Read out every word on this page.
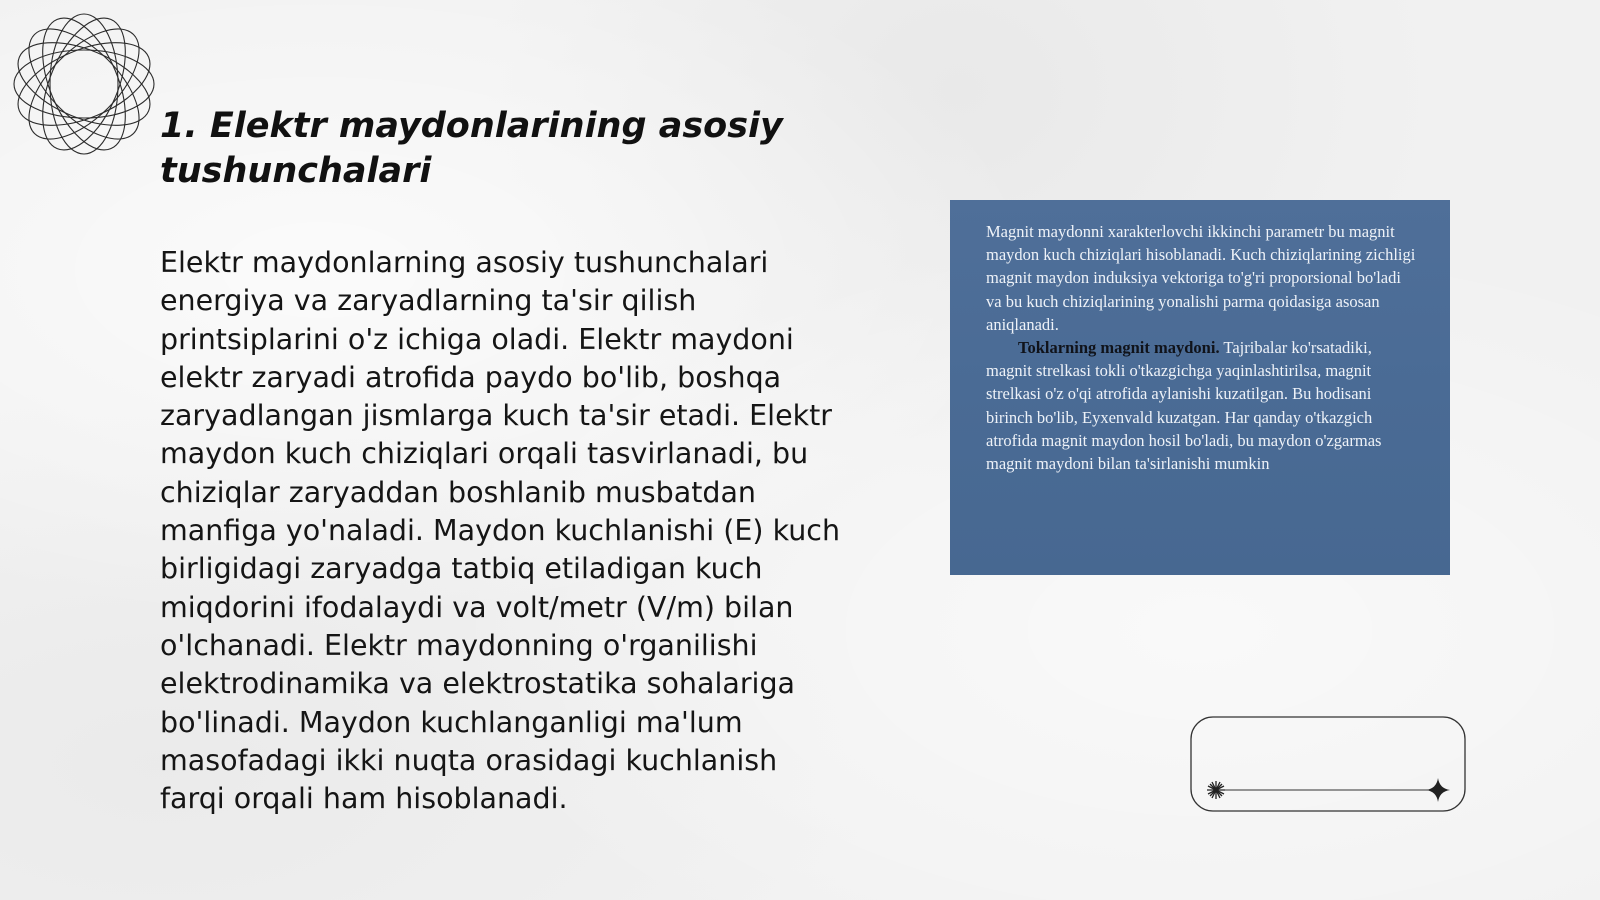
1. Elektr maydonlarining asosiy tushunchalari

Elektr maydonlarning asosiy tushunchalari energiya va zaryadlarning ta'sir qilish printsiplarini o'z ichiga oladi. Elektr maydoni elektr zaryadi atrofida paydo bo'lib, boshqa zaryadlangan jismlarga kuch ta'sir etadi. Elektr maydon kuch chiziqlari orqali tasvirlanadi, bu chiziqlar zaryaddan boshlanib musbatdan manfiga yo'naladi. Maydon kuchlanishi (E) kuch birligidagi zaryadga tatbiq etiladigan kuch miqdorini ifodalaydi va volt/metr (V/m) bilan o'lchanadi. Elektr maydonning o'rganilishi elektrodinamika va elektrostatika sohalariga bo'linadi. Maydon kuchlanganligi ma'lum masofadagi ikki nuqta orasidagi kuchlanish farqi orqali ham hisoblanadi.

Magnit maydonni xarakterlovchi ikkinchi parametr bu magnit maydon kuch chiziqlari hisoblanadi. Kuch chiziqlarining zichligi magnit maydon induksiya vektoriga to'g'ri proporsional bo'ladi va bu kuch chiziqlarining yonalishi parma qoidasiga asosan aniqlanadi.

Toklarning magnit maydoni. Tajribalar ko'rsatadiki, magnit strelkasi tokli o'tkazgichga yaqinlashtirilsa, magnit strelkasi o'z o'qi atrofida aylanishi kuzatilgan. Bu hodisani birinch bo'lib, Eyxenvald kuzatgan. Har qanday o'tkazgich atrofida magnit maydon hosil bo'ladi, bu maydon o'zgarmas magnit maydoni bilan ta'sirlanishi mumkin
